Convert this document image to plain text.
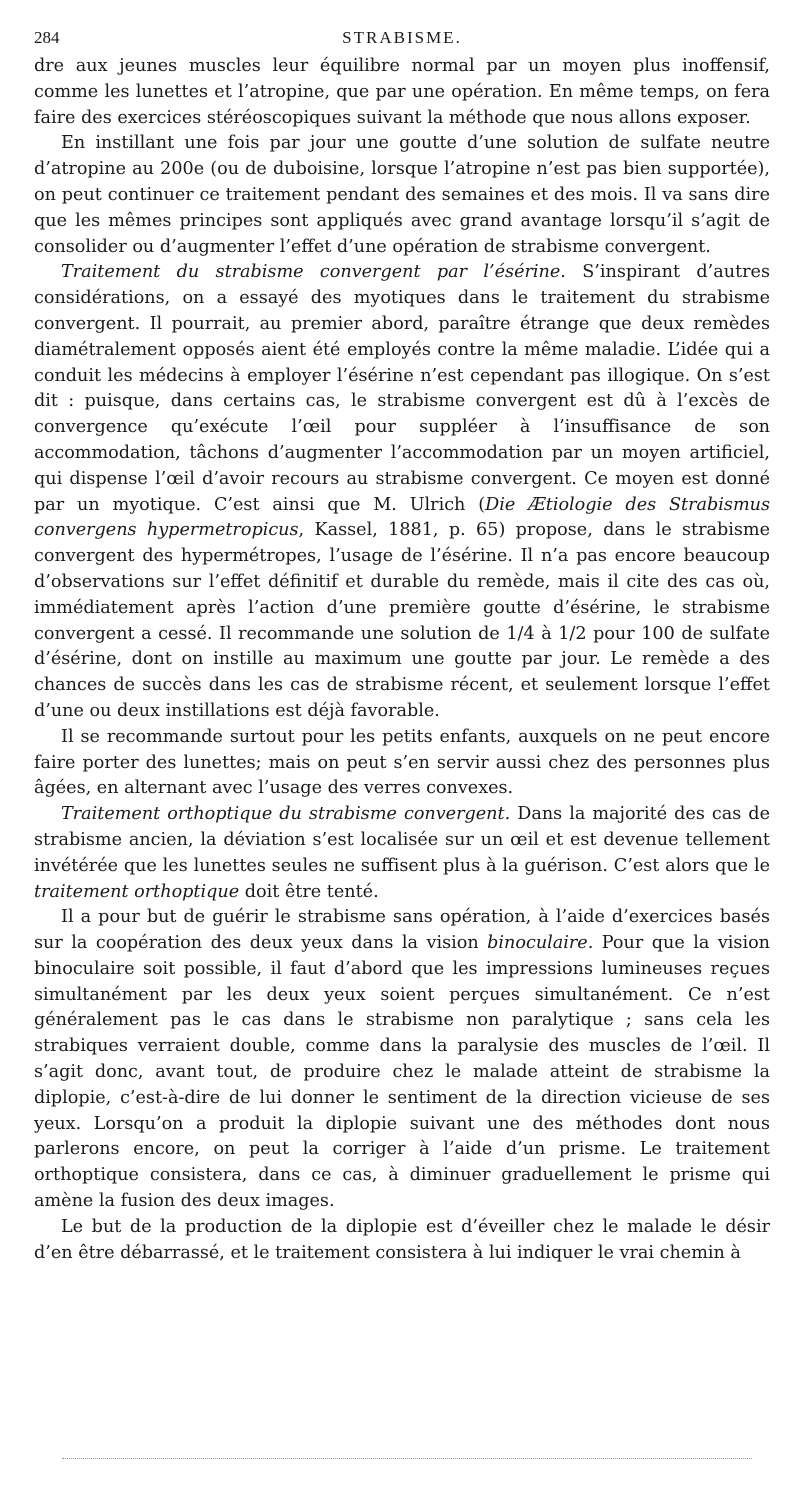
284	STRABISME.

dre aux jeunes muscles leur équilibre normal par un moyen plus inoffensif, comme les lunettes et l’atropine, que par une opération. En même temps, on fera faire des exercices stéréoscopiques suivant la méthode que nous allons exposer.

En instillant une fois par jour une goutte d’une solution de sulfate neutre d’atropine au 200e (ou de duboisine, lorsque l’atropine n’est pas bien supportée), on peut continuer ce traitement pendant des semaines et des mois. Il va sans dire que les mêmes principes sont appliqués avec grand avantage lorsqu’il s’agit de consolider ou d’augmenter l’effet d’une opération de strabisme convergent.

Traitement du strabisme convergent par l’ésérine. S’inspirant d’autres considérations, on a essayé des myotiques dans le traitement du strabisme convergent. Il pourrait, au premier abord, paraître étrange que deux remèdes diamétralement opposés aient été employés contre la même maladie. L’idée qui a conduit les médecins à employer l’ésérine n’est cependant pas illogique. On s’est dit : puisque, dans certains cas, le strabisme convergent est dû à l’excès de convergence qu’exécute l’œil pour suppléer à l’insuffisance de son accommodation, tâchons d’augmenter l’accommodation par un moyen artificiel, qui dispense l’œil d’avoir recours au strabisme convergent. Ce moyen est donné par un myotique. C’est ainsi que M. Ulrich (Die Ætiologie des Strabismus convergens hypermetropicus, Kassel, 1881, p. 65) propose, dans le strabisme convergent des hypermétropes, l’usage de l’ésérine. Il n’a pas encore beaucoup d’observations sur l’effet définitif et durable du remède, mais il cite des cas où, immédiatement après l’action d’une première goutte d’ésérine, le strabisme convergent a cessé. Il recommande une solution de 1/4 à 1/2 pour 100 de sulfate d’ésérine, dont on instille au maximum une goutte par jour. Le remède a des chances de succès dans les cas de strabisme récent, et seulement lorsque l’effet d’une ou deux instillations est déjà favorable.

Il se recommande surtout pour les petits enfants, auxquels on ne peut encore faire porter des lunettes; mais on peut s’en servir aussi chez des personnes plus âgées, en alternant avec l’usage des verres convexes.

Traitement orthoptique du strabisme convergent. Dans la majorité des cas de strabisme ancien, la déviation s’est localisée sur un œil et est devenue tellement invétérée que les lunettes seules ne suffisent plus à la guérison. C’est alors que le traitement orthoptique doit être tenté.

Il a pour but de guérir le strabisme sans opération, à l’aide d’exercices basés sur la coopération des deux yeux dans la vision binoculaire. Pour que la vision binoculaire soit possible, il faut d’abord que les impressions lumineuses reçues simultanément par les deux yeux soient perçues simultanément. Ce n’est généralement pas le cas dans le strabisme non paralytique ; sans cela les strabiques verraient double, comme dans la paralysie des muscles de l’œil. Il s’agit donc, avant tout, de produire chez le malade atteint de strabisme la diplopie, c’est-à-dire de lui donner le sentiment de la direction vicieuse de ses yeux. Lorsqu’on a produit la diplopie suivant une des méthodes dont nous parlerons encore, on peut la corriger à l’aide d’un prisme. Le traitement orthoptique consistera, dans ce cas, à diminuer graduellement le prisme qui amène la fusion des deux images.

Le but de la production de la diplopie est d’éveiller chez le malade le désir d’en être débarrassé, et le traitement consistera à lui indiquer le vrai chemin à
